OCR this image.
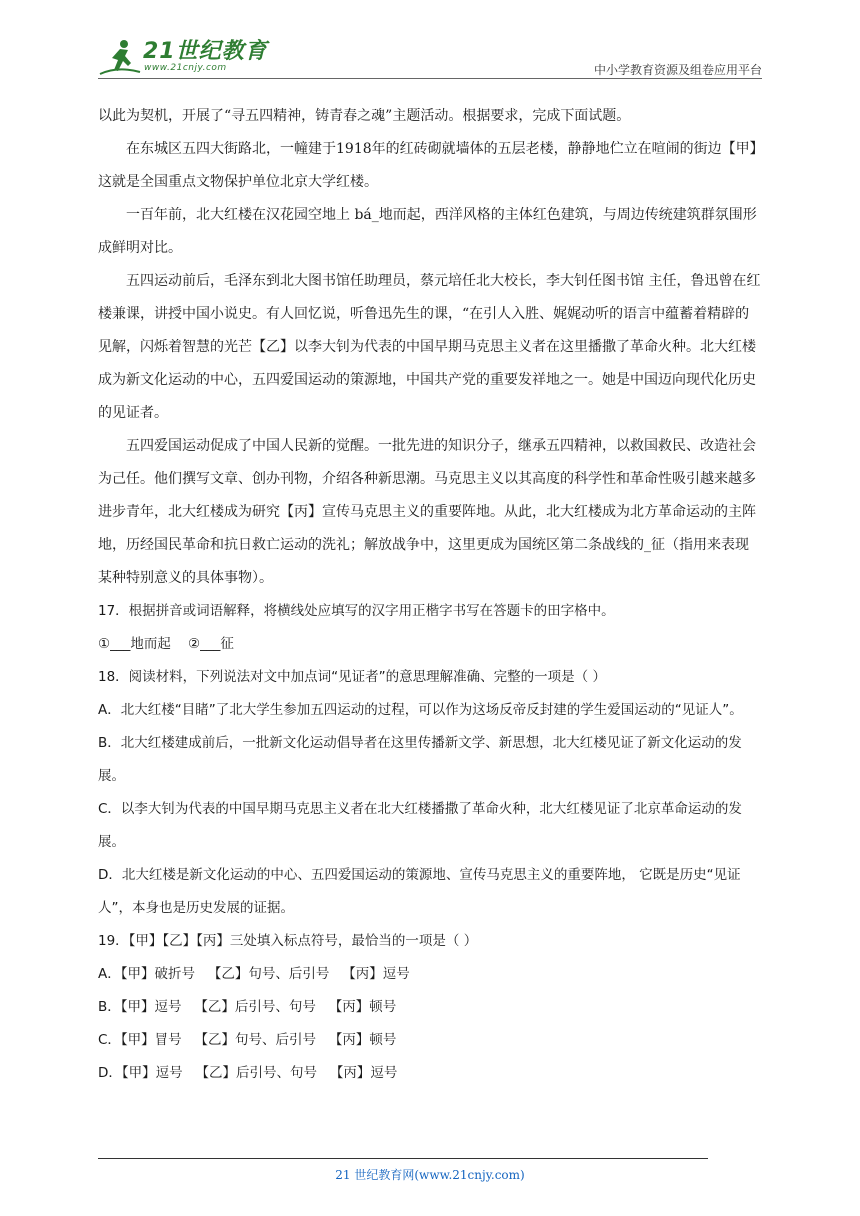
21世纪教育
www.21cnjy.com	中小学教育资源及组卷应用平台

以此为契机，开展了“寻五四精神，铸青春之魂”主题活动。根据要求，完成下面试题。

在东城区五四大街路北，一幢建于1918年的红砖砌就墙体的五层老楼，静静地伫立在喧闹的街边【甲】这就是全国重点文物保护单位北京大学红楼。

一百年前，北大红楼在汉花园空地上 bá_地而起，西洋风格的主体红色建筑，与周边传统建筑群氛围形成鲜明对比。

五四运动前后，毛泽东到北大图书馆任助理员，蔡元培任北大校长，李大钊任图书馆 主任，鲁迅曾在红楼兼课，讲授中国小说史。有人回忆说，听鲁迅先生的课，“在引人入胜、娓娓动听的语言中蕴蓄着精辟的见解，闪烁着智慧的光芒【乙】以李大钊为代表的中国早期马克思主义者在这里播撒了革命火种。北大红楼成为新文化运动的中心，五四爱国运动的策源地，中国共产党的重要发祥地之一。她是中国迈向现代化历史的见证者。

五四爱国运动促成了中国人民新的觉醒。一批先进的知识分子，继承五四精神，以救国救民、改造社会为己任。他们撰写文章、创办刊物，介绍各种新思潮。马克思主义以其高度的科学性和革命性吸引越来越多进步青年，北大红楼成为研究【丙】宣传马克思主义的重要阵地。从此，北大红楼成为北方革命运动的主阵地，历经国民革命和抗日救亡运动的洗礼；解放战争中，这里更成为国统区第二条战线的_征（指用来表现某种特别意义的具体事物）。

17．根据拼音或词语解释，将横线处应填写的汉字用正楷字书写在答题卡的田字格中。

①___地而起    ②___征

18．阅读材料，下列说法对文中加点词“见证者”的意思理解准确、完整的一项是（ ）

A．北大红楼“目睹”了北大学生参加五四运动的过程，可以作为这场反帝反封建的学生爱国运动的“见证人”。

B．北大红楼建成前后，一批新文化运动倡导者在这里传播新文学、新思想，北大红楼见证了新文化运动的发展。

C．以李大钊为代表的中国早期马克思主义者在北大红楼播撒了革命火种，北大红楼见证了北京革命运动的发展。

D．北大红楼是新文化运动的中心、五四爱国运动的策源地、宣传马克思主义的重要阵地， 它既是历史“见证人”，本身也是历史发展的证据。

19．【甲】【乙】【丙】三处填入标点符号，最恰当的一项是（ ）

A．【甲】破折号   【乙】句号、后引号   【丙】逗号

B．【甲】逗号   【乙】后引号、句号   【丙】顿号

C．【甲】冒号   【乙】句号、后引号   【丙】顿号

D．【甲】逗号   【乙】后引号、句号   【丙】逗号

21 世纪教育网(www.21cnjy.com)
